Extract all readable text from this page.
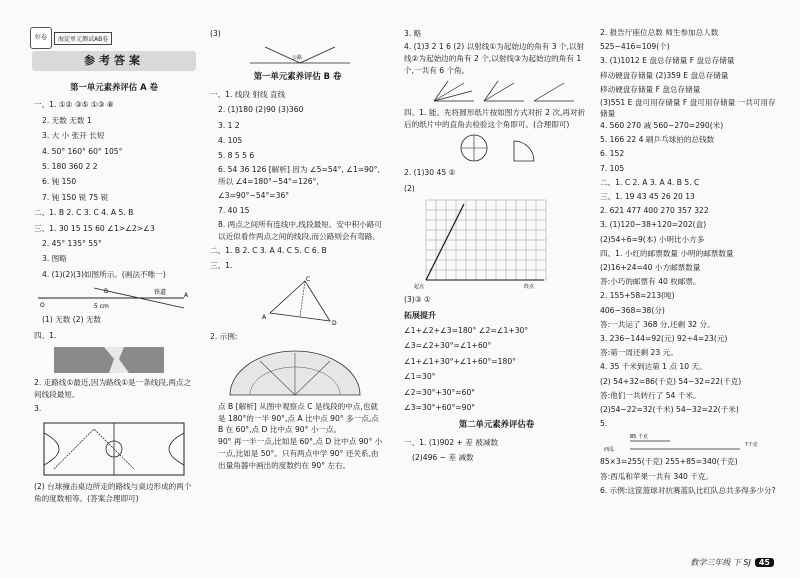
好卷	海淀单元测试AB卷
参考答案
第一单元素养评估 A 卷
一、1. ①② ③⑤ ①③ ⑧
2. 无数 无数 1
3. 大 小 张开 长短
4. 50° 160° 60° 105°
5. 180 360 2 2
6. 钝 150
7. 钝 150 锐 75 锐
二、1. B 2. C 3. C 4. A 5. B
三、1. 30 15 15 60 ∠1>∠2>∠3
2. 45° 135° 55°
3. 图略
4. (1)(2)(3)如图所示。(画法不唯一)
O
B	铁道
5 cm
A
(1) 无数 (2) 无数
四、1.
2. 走路线①最近,因为路线①是一条线段,两点之间线段最短。
3.
(2) 台球撞击桌边所走的路线与桌边形成的两个角的度数相等。(答案合理即可)
(3)
公路
第一单元素养评估 B 卷
一、1. 线段 射线 直线
2. (1)180 (2)90 (3)360
3. 1 2
4. 105
5. 8 5 5 6
6. 54 36 126 [解析] 因为 ∠5=54°, ∠1=90°, 所以 ∠4=180°−54°=126°,
∠3=90°−54°=36°
7. 40 15
8. 两点之间所有连线中,线段最短。安中积小路可以近似看作两点之间的线段,而公路则会有弯路。
二、1. B 2. C 3. A 4. C 5. C 6. B
三、1.
C
A
D
2. 示例:
点 B [解析] 从图中观察点 C 是线段的中点,也就是 180°的一半 90°,点 A 比中点 90° 多一点,点 B 在 60°,点 D 比中点 90° 小一点。
90° 再一半一点,比如是 60°,点 D 比中点 90° 小一点,比如是 50°。只有两点中学 90° 还关系,由出量角器中画出的度数约在 90° 左右。
3. 略
4. (1)3 2 1 6 (2) 以射线①为起始边的角有 3 个,以射线②为起始边的角有 2 个,以射线③为起始边的角有 1 个,一共有 6 个角。
四、1. 能。先将圆形纸片按如图方式对折 2 次,再对折后的纸片中的直角去检验这个角即可。(合理即可)
2. (1)30 45 ②
(2)
起点	终点
(3)③ ①
拓展提升
∠1+∠2+∠3=180° ∠2=∠1+30°
∠3=∠2+30°=∠1+60°
∠1+∠1+30°+∠1+60°=180°
∠1=30°
∠2=30°+30°=60°
∠3=30°+60°=90°
第二单元素养评估卷
一、1. (1)902 + 差 被减数
(2)496 − 差 减数
2. 报告厅座位总数 师生参加总人数
525−416=109(个)
3. (1)1012 E 盘总存储量 F 盘总存储量
移动硬盘存储量 (2)359 E 盘总存储量
移动硬盘存储量 F 盘总存储量
(3)551 E 盘可用存储量 F 盘可用存储量 一共可用存储量
4. 560 270 减 560−270=290(米)
5. 166 22 4 刷乒乓球拍的总钱数
6. 152
7. 105
二、1. C 2. A 3. A 4. B 5. C
三、1. 19 43 45 26 20 13
2. 621 477 400 270 357 322
3. (1)120−38+120=202(盒)
(2)54÷6=9(本) 小明比小方多
四、1. 小红的邮票数量 小明的邮票数量
(2)16+24=40 小方邮票数量
答:小巧的邮票有 40 枚邮票。
2. 155+58=213(吨)
406−368=38(分)
答:一共运了 368 分,还剩 32 分。
3. 236−144=92(元) 92÷4=23(元)
答:第一周还剩 23 元。
4. 35 千米到达第 1 点 10 天。
(2) 54+32=86(千克) 54−32=22(千克)
答:他们一共转行了 54 千米。
(2)54−22=32(千米) 54−32=22(千米)
5.
85 千克
西瓜
?千克
85×3=255(千克) 255+85=340(千克)
答:西瓜和苹果一共有 340 千克。
6. 示例:这筐篮球对抗赛蓝队比红队总共多得多少分?
数学三年级 下 SJ 45
